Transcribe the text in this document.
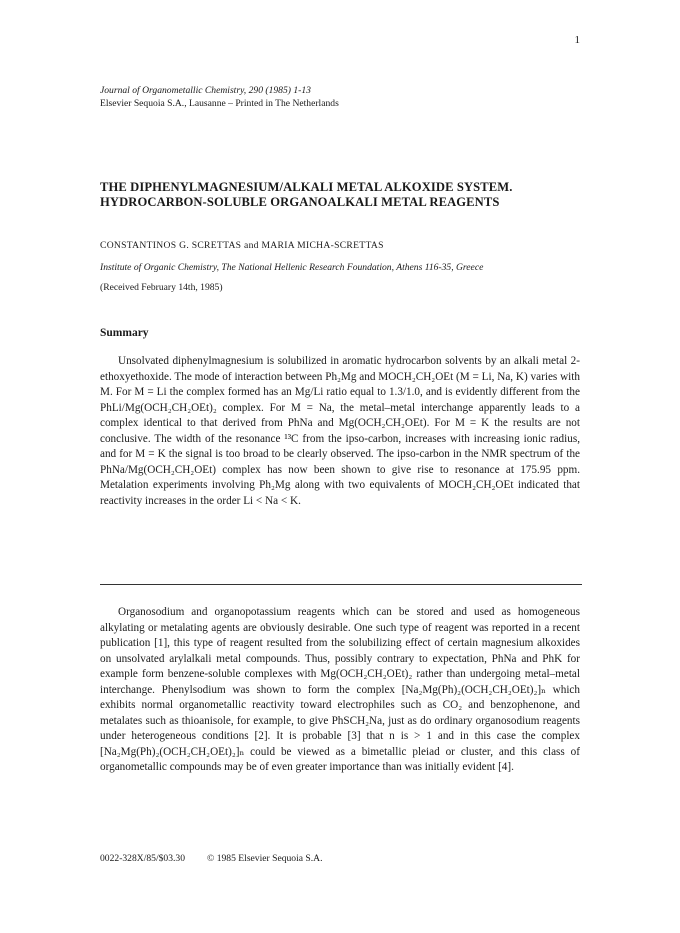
1
Journal of Organometallic Chemistry, 290 (1985) 1-13
Elsevier Sequoia S.A., Lausanne – Printed in The Netherlands
THE DIPHENYLMAGNESIUM/ALKALI METAL ALKOXIDE SYSTEM.
HYDROCARBON-SOLUBLE ORGANOALKALI METAL REAGENTS
CONSTANTINOS G. SCRETTAS and MARIA MICHA-SCRETTAS
Institute of Organic Chemistry, The National Hellenic Research Foundation, Athens 116-35, Greece
(Received February 14th, 1985)
Summary
Unsolvated diphenylmagnesium is solubilized in aromatic hydrocarbon solvents by an alkali metal 2-ethoxyethoxide. The mode of interaction between Ph₂Mg and MOCH₂CH₂OEt (M = Li, Na, K) varies with M. For M = Li the complex formed has an Mg/Li ratio equal to 1.3/1.0, and is evidently different from the PhLi/Mg(OCH₂CH₂OEt)₂ complex. For M = Na, the metal–metal interchange apparently leads to a complex identical to that derived from PhNa and Mg(OCH₂CH₂OEt). For M = K the results are not conclusive. The width of the resonance ¹³C from the ipso-carbon, increases with increasing ionic radius, and for M = K the signal is too broad to be clearly observed. The ipso-carbon in the NMR spectrum of the PhNa/Mg(OCH₂CH₂OEt) complex has now been shown to give rise to resonance at 175.95 ppm. Metalation experiments involving Ph₂Mg along with two equivalents of MOCH₂CH₂OEt indicated that reactivity increases in the order Li < Na < K.
Organosodium and organopotassium reagents which can be stored and used as homogeneous alkylating or metalating agents are obviously desirable. One such type of reagent was reported in a recent publication [1], this type of reagent resulted from the solubilizing effect of certain magnesium alkoxides on unsolvated arylalkali metal compounds. Thus, possibly contrary to expectation, PhNa and PhK for example form benzene-soluble complexes with Mg(OCH₂CH₂OEt)₂ rather than undergoing metal–metal interchange. Phenylsodium was shown to form the complex [Na₂Mg(Ph)₂(OCH₂CH₂OEt)₂]ₙ which exhibits normal organometallic reactivity toward electrophiles such as CO₂ and benzophenone, and metalates such as thioanisole, for example, to give PhSCH₂Na, just as do ordinary organosodium reagents under heterogeneous conditions [2]. It is probable [3] that n is > 1 and in this case the complex [Na₂Mg(Ph)₂(OCH₂CH₂OEt)₂]ₙ could be viewed as a bimetallic pleiad or cluster, and this class of organometallic compounds may be of even greater importance than was initially evident [4].
0022-328X/85/$03.30 © 1985 Elsevier Sequoia S.A.
